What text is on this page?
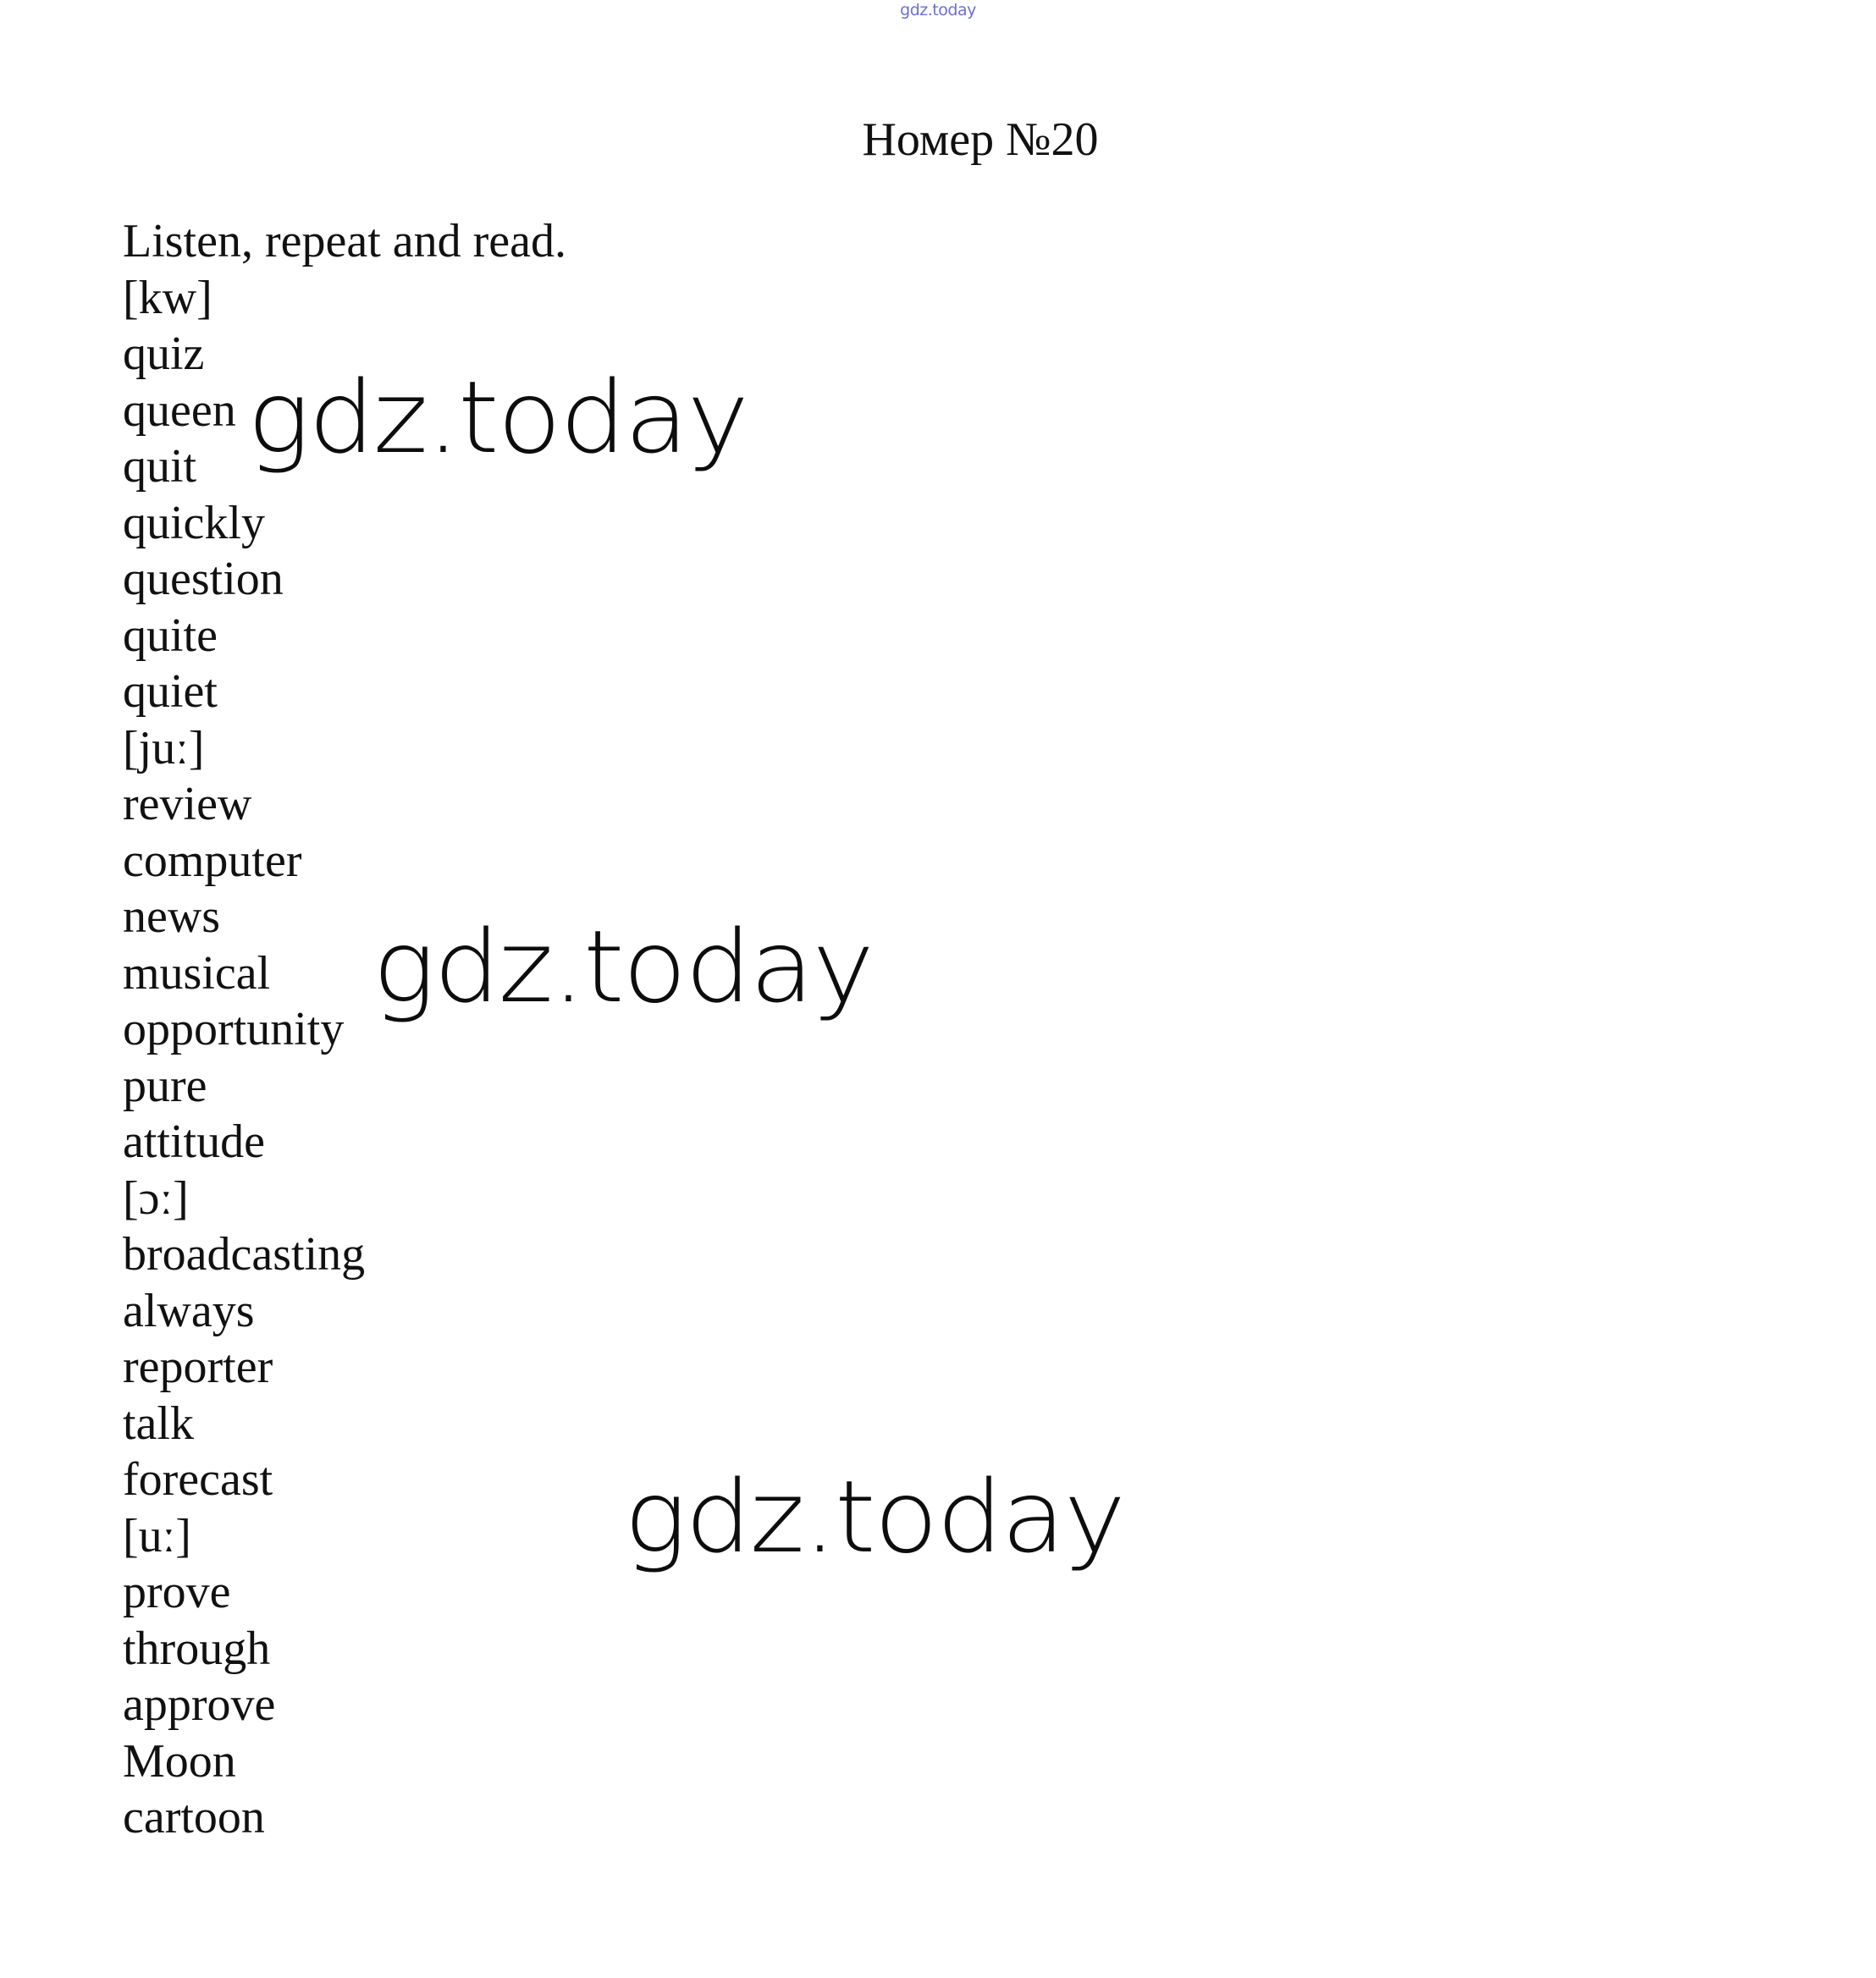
gdz.today
Номер №20

Listen, repeat and read.

[kw]

quiz

queen

quit

quickly

question

quite

quiet

[juː]

review

computer

news

musical

opportunity

pure

attitude

[ɔː]

broadcasting

always

reporter

talk

forecast

[uː]

prove

through

approve

Moon

cartoon

gdz.today
gdz.today
gdz.today
